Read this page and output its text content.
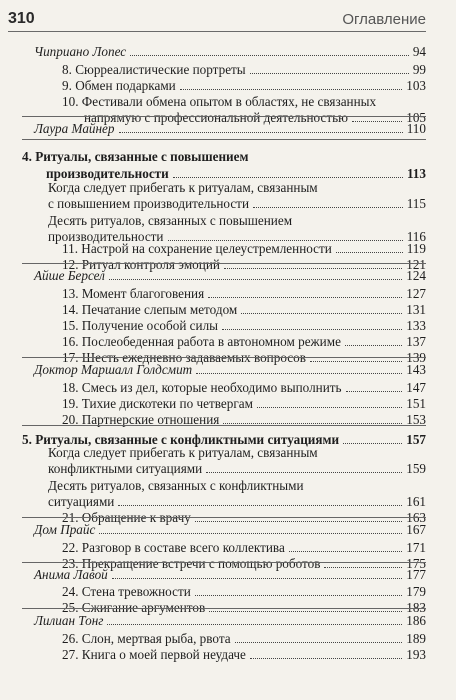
310	Оглавление
Чиприано Лопес	94
8. Сюрреалистические портреты	99
9. Обмен подарками	103
10. Фестивали обмена опытом в областях, не связанных
напрямую с профессиональной деятельностью	105
Лаура Майнер	110
4. Ритуалы, связанные с повышением
производительности	113
Когда следует прибегать к ритуалам, связанным
с повышением производительности	115
Десять ритуалов, связанных с повышением
производительности	116
11. Настрой на сохранение целеустремленности	119
12. Ритуал контроля эмоций	121
Айше Берсел	124
13. Момент благоговения	127
14. Печатание слепым методом	131
15. Получение особой силы	133
16. Послеобеденная работа в автономном режиме	137
17. Шесть ежедневно задаваемых вопросов	139
Доктор Маршалл Голдсмит	143
18. Смесь из дел, которые необходимо выполнить	147
19. Тихие дискотеки по четвергам	151
20. Партнерские отношения	153
5. Ритуалы, связанные с конфликтными ситуациями	157
Когда следует прибегать к ритуалам, связанным
конфликтными ситуациями	159
Десять ритуалов, связанных с конфликтными
ситуациями	161
21. Обращение к врачу	163
Дом Прайс	167
22. Разговор в составе всего коллектива	171
23. Прекращение встречи с помощью роботов	175
Анима Лавой	177
24. Стена тревожности	179
25. Сжигание аргументов	183
Лилиан Тонг	186
26. Слон, мертвая рыба, рвота	189
27. Книга о моей первой неудаче	193
